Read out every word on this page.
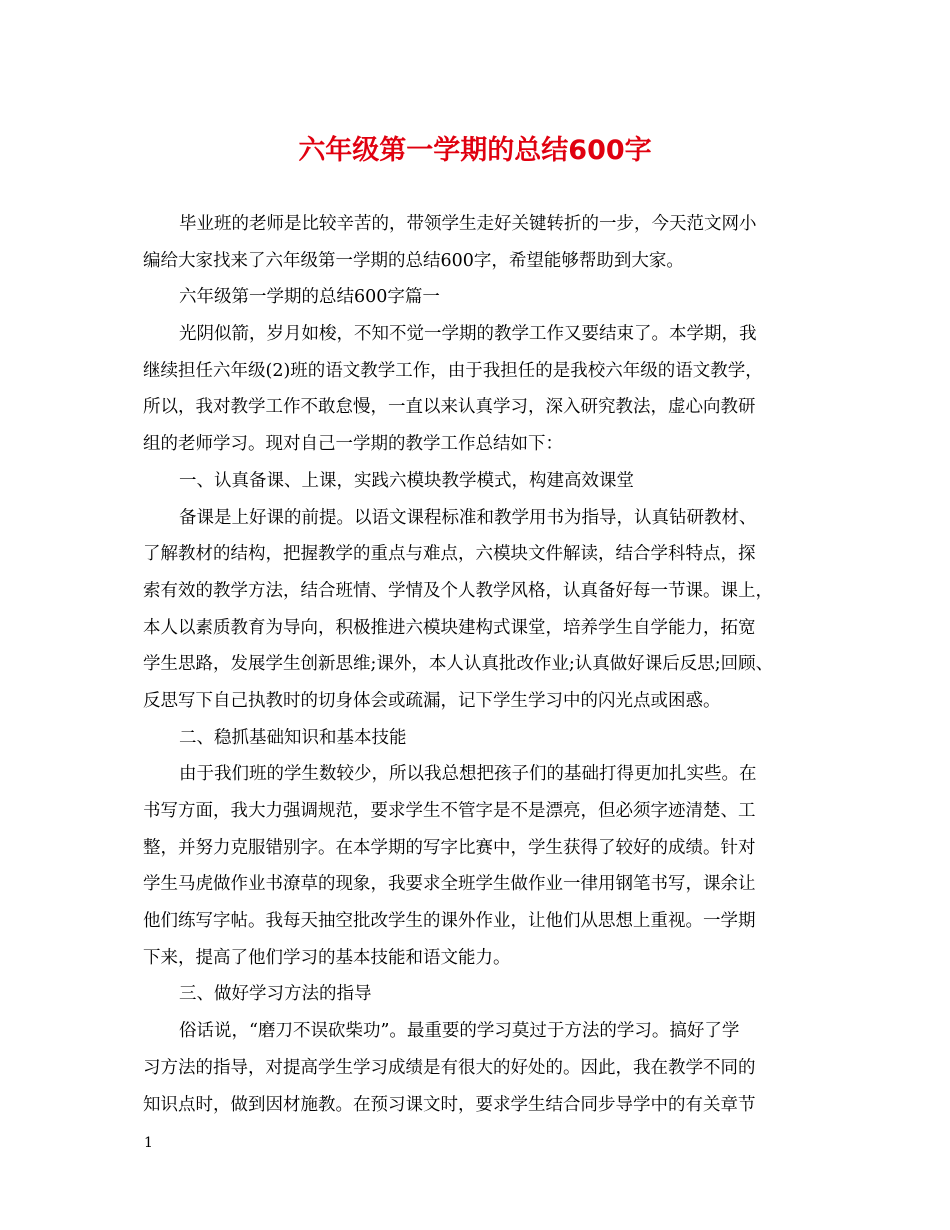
六年级第一学期的总结600字
毕业班的老师是比较辛苦的，带领学生走好关键转折的一步，今天范文网小
编给大家找来了六年级第一学期的总结600字，希望能够帮助到大家。
六年级第一学期的总结600字篇一
光阴似箭，岁月如梭，不知不觉一学期的教学工作又要结束了。本学期，我
继续担任六年级(2)班的语文教学工作，由于我担任的是我校六年级的语文教学，
所以，我对教学工作不敢怠慢，一直以来认真学习，深入研究教法，虚心向教研
组的老师学习。现对自己一学期的教学工作总结如下：
一、认真备课、上课，实践六模块教学模式，构建高效课堂
备课是上好课的前提。以语文课程标准和教学用书为指导，认真钻研教材、
了解教材的结构，把握教学的重点与难点，六模块文件解读，结合学科特点，探
索有效的教学方法，结合班情、学情及个人教学风格，认真备好每一节课。课上，
本人以素质教育为导向，积极推进六模块建构式课堂，培养学生自学能力，拓宽
学生思路，发展学生创新思维;课外，本人认真批改作业;认真做好课后反思;回顾、
反思写下自己执教时的切身体会或疏漏，记下学生学习中的闪光点或困惑。
二、稳抓基础知识和基本技能
由于我们班的学生数较少，所以我总想把孩子们的基础打得更加扎实些。在
书写方面，我大力强调规范，要求学生不管字是不是漂亮，但必须字迹清楚、工
整，并努力克服错别字。在本学期的写字比赛中，学生获得了较好的成绩。针对
学生马虎做作业书潦草的现象，我要求全班学生做作业一律用钢笔书写，课余让
他们练写字帖。我每天抽空批改学生的课外作业，让他们从思想上重视。一学期
下来，提高了他们学习的基本技能和语文能力。
三、做好学习方法的指导
俗话说，“磨刀不误砍柴功”。最重要的学习莫过于方法的学习。搞好了学
习方法的指导，对提高学生学习成绩是有很大的好处的。因此，我在教学不同的
知识点时，做到因材施教。在预习课文时，要求学生结合同步导学中的有关章节
1
